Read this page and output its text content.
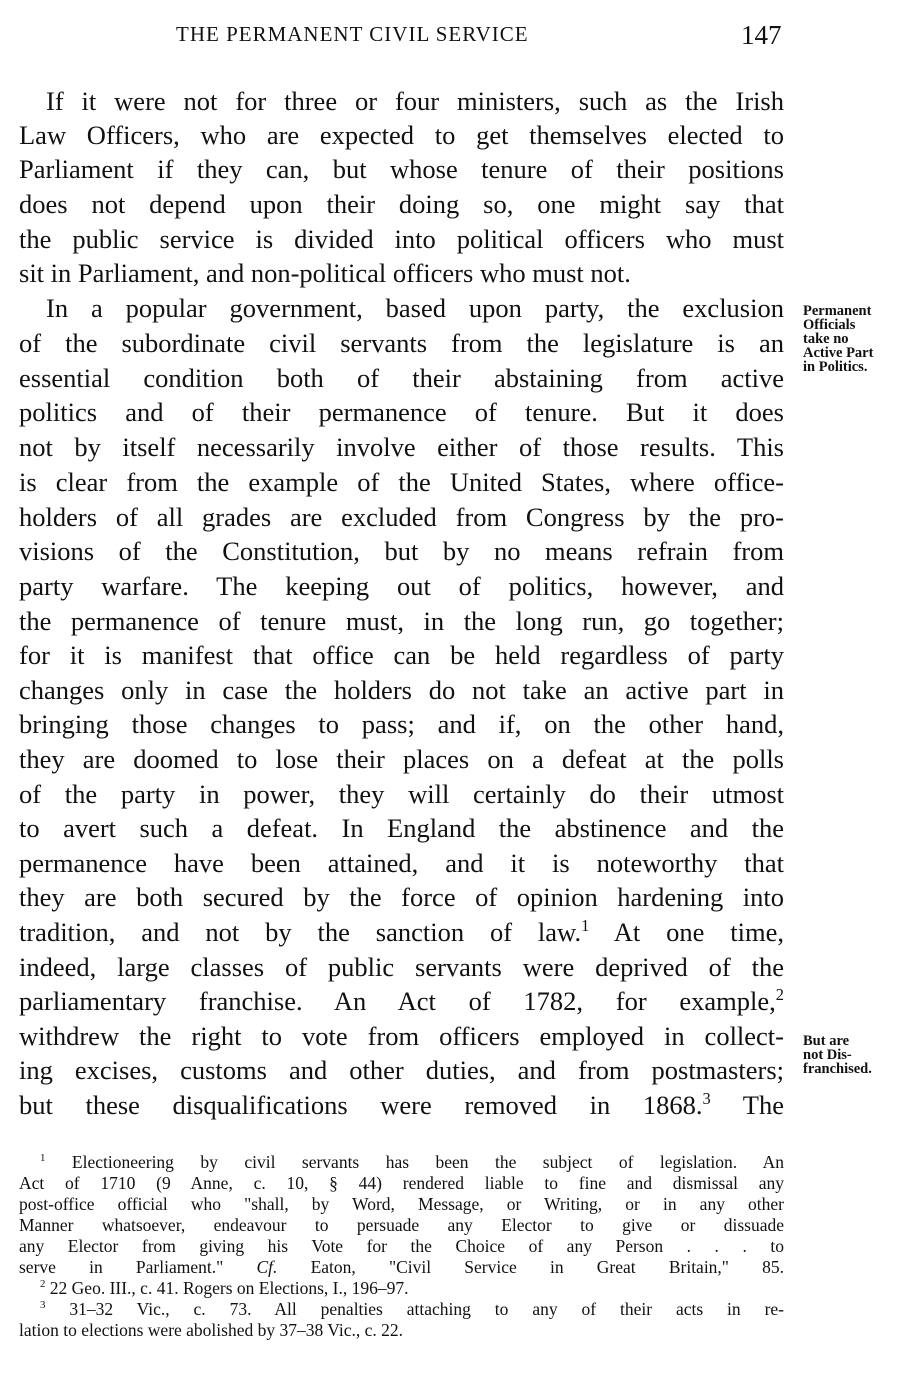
THE PERMANENT CIVIL SERVICE	147
If it were not for three or four ministers, such as the Irish
Law Officers, who are expected to get themselves elected to
Parliament if they can, but whose tenure of their positions
does not depend upon their doing so, one might say that
the public service is divided into political officers who must
sit in Parliament, and non-political officers who must not.
In a popular government, based upon party, the exclusion
of the subordinate civil servants from the legislature is an
essential condition both of their abstaining from active
politics and of their permanence of tenure. But it does
not by itself necessarily involve either of those results. This
is clear from the example of the United States, where office-
holders of all grades are excluded from Congress by the pro-
visions of the Constitution, but by no means refrain from
party warfare. The keeping out of politics, however, and
the permanence of tenure must, in the long run, go together;
for it is manifest that office can be held regardless of party
changes only in case the holders do not take an active part in
bringing those changes to pass; and if, on the other hand,
they are doomed to lose their places on a defeat at the polls
of the party in power, they will certainly do their utmost
to avert such a defeat. In England the abstinence and the
permanence have been attained, and it is noteworthy that
they are both secured by the force of opinion hardening into
tradition, and not by the sanction of law.$^1$ At one time,
indeed, large classes of public servants were deprived of the
parliamentary franchise. An Act of 1782, for example,$^2$
withdrew the right to vote from officers employed in collect-
ing excises, customs and other duties, and from postmasters;
but these disqualifications were removed in 1868.$^3$ The
Permanent
Officials
take no
Active Part
in Politics.
But are
not Dis-
franchised.
$^1$ Electioneering by civil servants has been the subject of legislation. An
Act of 1710 (9 Anne, c. 10, § 44) rendered liable to fine and dismissal any
post-office official who "shall, by Word, Message, or Writing, or in any other
Manner whatsoever, endeavour to persuade any Elector to give or dissuade
any Elector from giving his Vote for the Choice of any Person . . . to
serve in Parliament." Cf. Eaton, "Civil Service in Great Britain," 85.
$^2$ 22 Geo. III., c. 41. Rogers on Elections, I., 196–97.
$^3$ 31–32 Vic., c. 73. All penalties attaching to any of their acts in re-
lation to elections were abolished by 37–38 Vic., c. 22.
